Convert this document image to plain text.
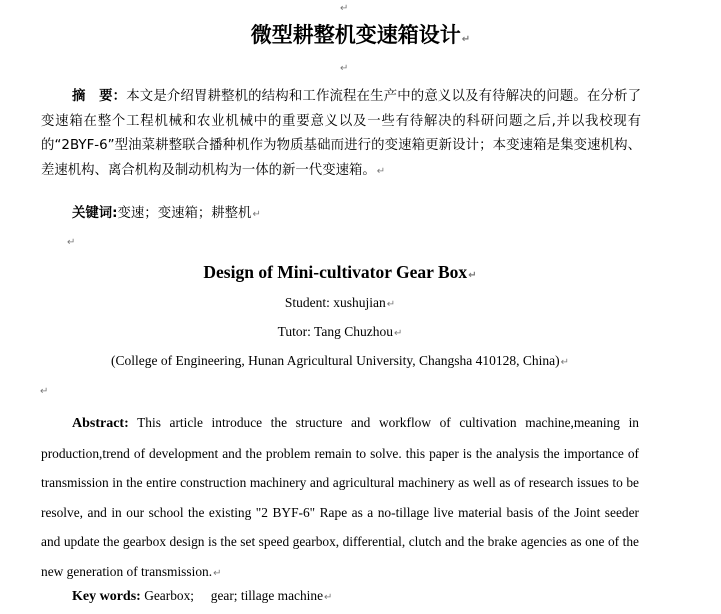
↵
微型耕整机变速箱设计↵
↵
摘　要：本文是介绍胃耕整机的结构和工作流程在生产中的意义以及有待解决的问题。在分析了变速箱在整个工程机械和农业机械中的重要意义以及一些有待解决的科研问题之后,并以我校现有的“2BYF-6”型油菜耕整联合播种机作为物质基础而进行的变速箱更新设计；本变速箱是集变速机构、差速机构、离合机构及制动机构为一体的新一代变速箱。↵
关键词:变速；变速箱；耕整机↵
↵
Design of Mini-cultivator Gear Box↵
Student: xushujian↵
Tutor: Tang Chuzhou↵
(College of Engineering, Hunan Agricultural University, Changsha 410128, China)↵
↵
Abstract: This article introduce the structure and workflow of cultivation machine,meaning in production,trend of development and the problem remain to solve. this paper is the analysis the importance of transmission in the entire construction machinery and agricultural machinery as well as of research issues to be resolve, and in our school the existing "2 BYF-6" Rape as a no-tillage live material basis of the Joint seeder and update the gearbox design is the set speed gearbox, differential, clutch and the brake agencies as one of the new generation of transmission.↵
Key words: Gearbox;     gear; tillage machine↵
